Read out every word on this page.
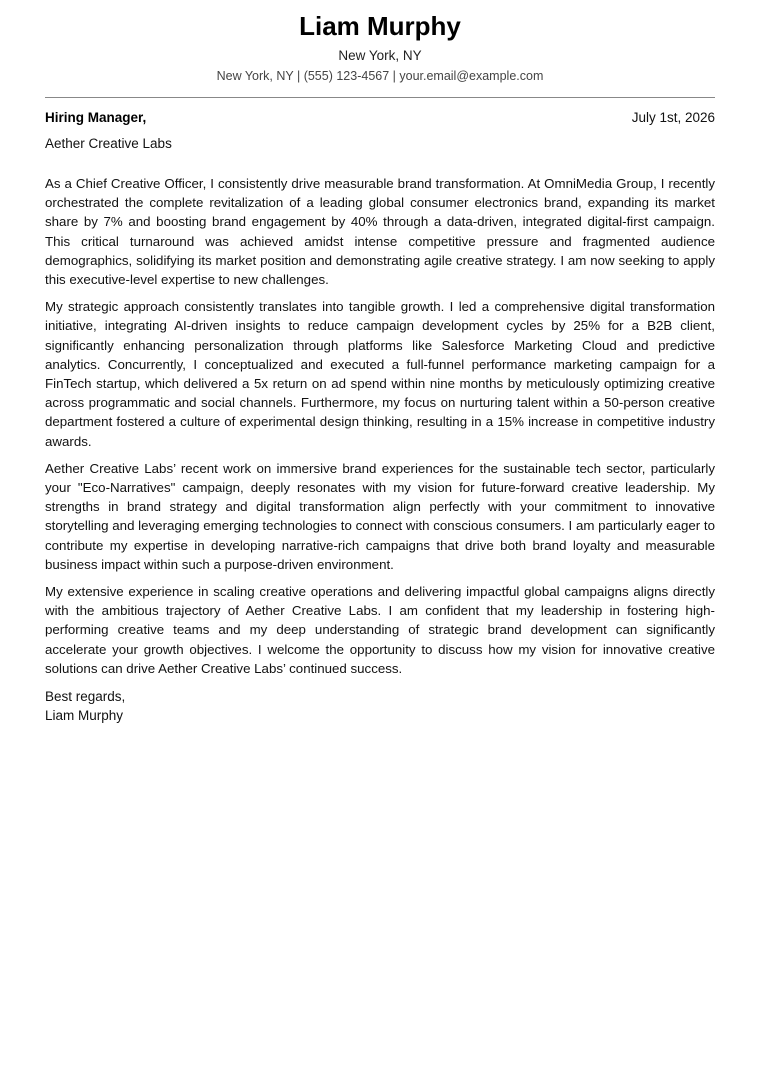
Liam Murphy
New York, NY
New York, NY | (555) 123-4567 | your.email@example.com
Hiring Manager,	July 1st, 2026
Aether Creative Labs

As a Chief Creative Officer, I consistently drive measurable brand transformation. At OmniMedia Group, I recently orchestrated the complete revitalization of a leading global consumer electronics brand, expanding its market share by 7% and boosting brand engagement by 40% through a data-driven, integrated digital-first campaign. This critical turnaround was achieved amidst intense competitive pressure and fragmented audience demographics, solidifying its market position and demonstrating agile creative strategy. I am now seeking to apply this executive-level expertise to new challenges.

My strategic approach consistently translates into tangible growth. I led a comprehensive digital transformation initiative, integrating AI-driven insights to reduce campaign development cycles by 25% for a B2B client, significantly enhancing personalization through platforms like Salesforce Marketing Cloud and predictive analytics. Concurrently, I conceptualized and executed a full-funnel performance marketing campaign for a FinTech startup, which delivered a 5x return on ad spend within nine months by meticulously optimizing creative across programmatic and social channels. Furthermore, my focus on nurturing talent within a 50-person creative department fostered a culture of experimental design thinking, resulting in a 15% increase in competitive industry awards.

Aether Creative Labs’ recent work on immersive brand experiences for the sustainable tech sector, particularly your "Eco-Narratives" campaign, deeply resonates with my vision for future-forward creative leadership. My strengths in brand strategy and digital transformation align perfectly with your commitment to innovative storytelling and leveraging emerging technologies to connect with conscious consumers. I am particularly eager to contribute my expertise in developing narrative-rich campaigns that drive both brand loyalty and measurable business impact within such a purpose-driven environment.

My extensive experience in scaling creative operations and delivering impactful global campaigns aligns directly with the ambitious trajectory of Aether Creative Labs. I am confident that my leadership in fostering high-performing creative teams and my deep understanding of strategic brand development can significantly accelerate your growth objectives. I welcome the opportunity to discuss how my vision for innovative creative solutions can drive Aether Creative Labs’ continued success.

Best regards,
Liam Murphy
